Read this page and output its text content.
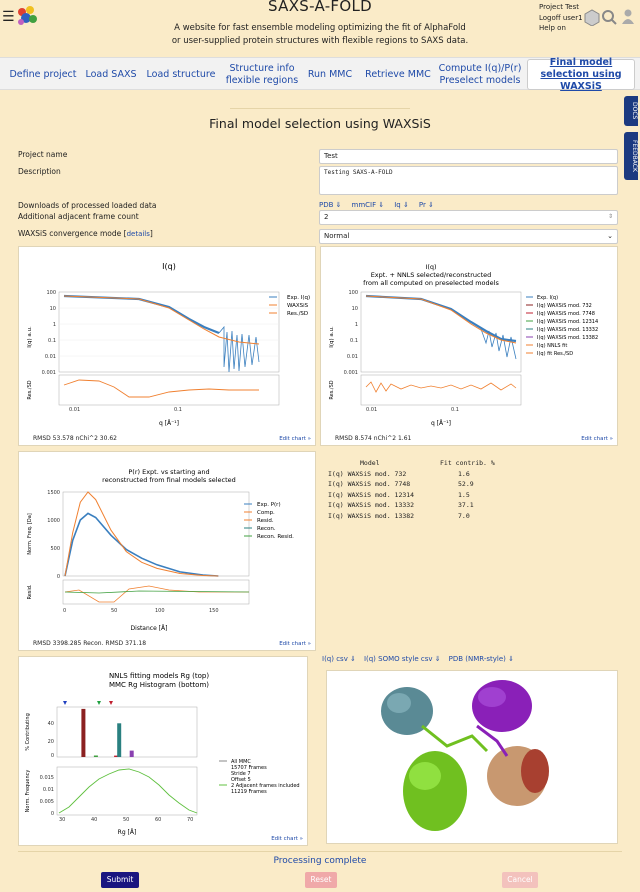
☰
SAXS-A-FOLD
A website for fast ensemble modeling optimizing the fit of AlphaFold
or user-supplied protein structures with flexible regions to SAXS data.
Project Test
Logoff user1
Help on
Define project Load SAXS Load structure
Structure info flexible regions
Run MMC	Retrieve MMC
Compute I(q)/P(r) Preselect models
Final model selection using WAXSiS
DOCS
FEEDBACK
Final model selection using WAXSiS
Project name	Test
Description	Testing SAXS-A-FOLD
Downloads of processed loaded data	PDB ⇓ mmCIF ⇓ Iq ⇓ Pr ⇓
Additional adjacent frame count	2	⇕
WAXSiS convergence mode [details]	Normal	⌄
I(q)
100
10
1
0.1
0.01
0.001
I(q) a.u.
Exp. I(q)
WAXSiS
Res./SD
Res./SD
0.01	0.1
q [Å⁻¹]
RMSD 53.578 nChi^2 30.62	Edit chart »
I(q)
Expt. + NNLS selected/reconstructed
from all computed on preselected models
100
10
1
0.1
0.01
0.001
I(q) a.u.
Exp. I(q)
I(q) WAXSiS mod. 732
I(q) WAXSiS mod. 7748
I(q) WAXSiS mod. 12314
I(q) WAXSiS mod. 13332
I(q) WAXSiS mod. 13382
I(q) NNLS fit
I(q) fit Res./SD
Res./SD
0.01	0.1
q [Å⁻¹]
RMSD 8.574 nChi^2 1.61	Edit chart »
P(r) Expt. vs starting and
reconstructed from final models selected
1500
1000
500
0
Norm. Freq. [Da]
Exp. P(r)
Comp.
Resid.
Recon.
Recon. Resid.
Resid.
0	50	100	150
Distance [Å]
RMSD 3398.285 Recon. RMSD 371.18	Edit chart »
Model	Fit contrib. %
I(q) WAXSiS mod. 732	1.6
I(q) WAXSiS mod. 7748	52.9
I(q) WAXSiS mod. 12314	1.5
I(q) WAXSiS mod. 13332	37.1
I(q) WAXSiS mod. 13382	7.0
NNLS fitting models Rg (top)
MMC Rg Histogram (bottom)
40
20
0
% Contributing
0.015
0.01
0.005
0
Norm. Frequency
30	40	50	60	70
Rg [Å]
All MMC
15707 Frames
Stride 7
Offset 5
2 Adjacent frames included
11219 Frames
Edit chart »
I(q) csv ⇓ I(q) SOMO style csv ⇓ PDB (NMR-style) ⇓
Processing complete
Submit	Reset	Cancel
